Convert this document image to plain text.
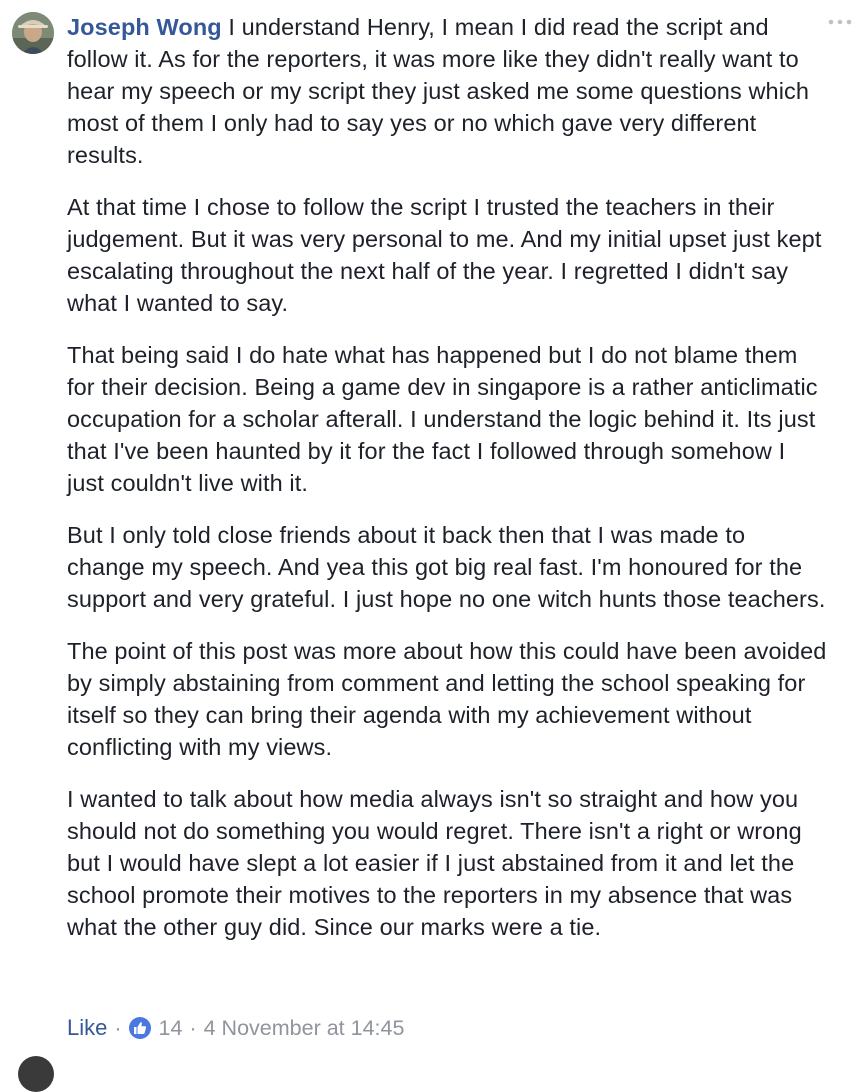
Joseph Wong I understand Henry, I mean I did read the script and follow it. As for the reporters, it was more like they didn't really want to hear my speech or my script they just asked me some questions which most of them I only had to say yes or no which gave very different results.

At that time I chose to follow the script I trusted the teachers in their judgement. But it was very personal to me. And my initial upset just kept escalating throughout the next half of the year. I regretted I didn't say what I wanted to say.

That being said I do hate what has happened but I do not blame them for their decision. Being a game dev in singapore is a rather anticlimatic occupation for a scholar afterall. I understand the logic behind it. Its just that I've been haunted by it for the fact I followed through somehow I just couldn't live with it.

But I only told close friends about it back then that I was made to change my speech. And yea this got big real fast. I'm honoured for the support and very grateful. I just hope no one witch hunts those teachers.

The point of this post was more about how this could have been avoided by simply abstaining from comment and letting the school speaking for itself so they can bring their agenda with my achievement without conflicting with my views.

I wanted to talk about how media always isn't so straight and how you should not do something you would regret. There isn't a right or wrong but I would have slept a lot easier if I just abstained from it and let the school promote their motives to the reporters in my absence that was what the other guy did. Since our marks were a tie.

Like · 14 · 4 November at 14:45
